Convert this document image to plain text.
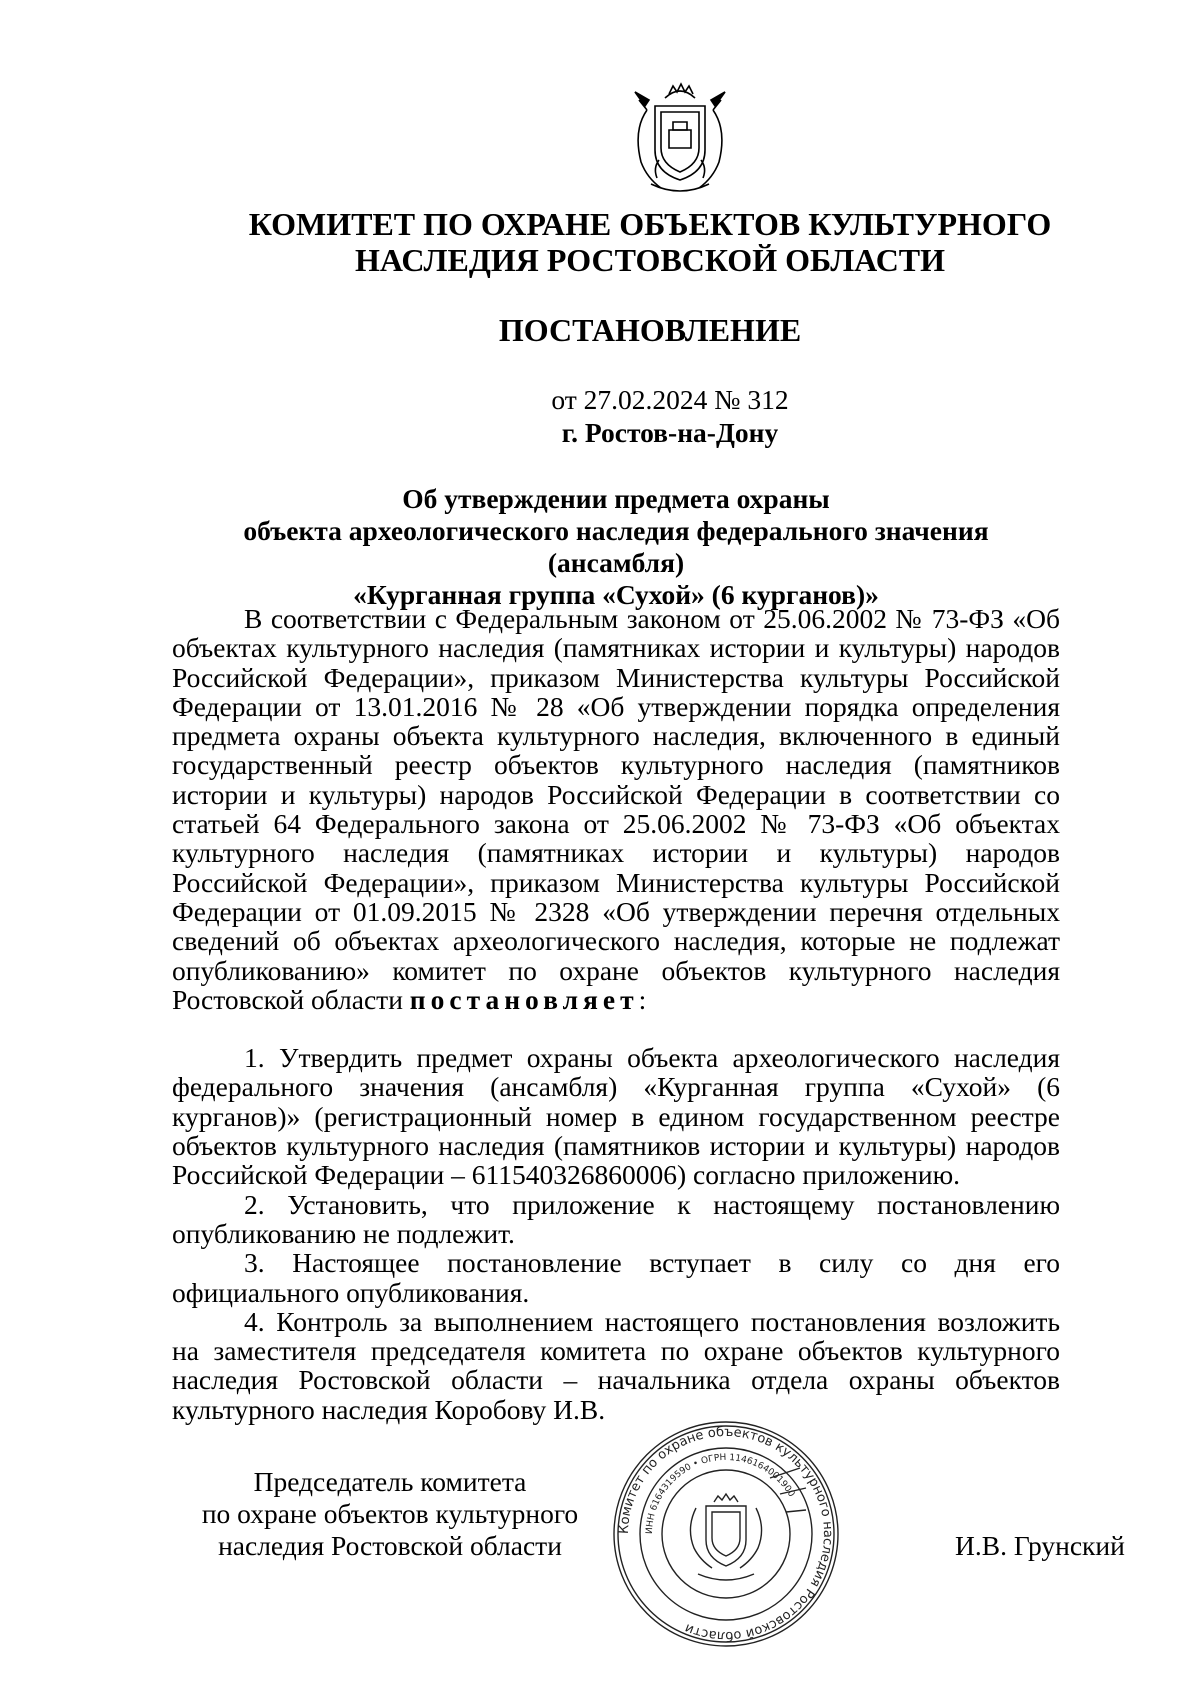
КОМИТЕТ ПО ОХРАНЕ ОБЪЕКТОВ КУЛЬТУРНОГО
НАСЛЕДИЯ РОСТОВСКОЙ ОБЛАСТИ
ПОСТАНОВЛЕНИЕ
от 27.02.2024 № 312
г. Ростов-на-Дону
Об утверждении предмета охраны
объекта археологического наследия федерального значения (ансамбля)
«Курганная группа «Сухой» (6 курганов)»

В соответствии с Федеральным законом от 25.06.2002 № 73-ФЗ «Об объектах культурного наследия (памятниках истории и культуры) народов Российской Федерации», приказом Министерства культуры Российской Федерации от 13.01.2016 № 28 «Об утверждении порядка определения предмета охраны объекта культурного наследия, включенного в единый государственный реестр объектов культурного наследия (памятников истории и культуры) народов Российской Федерации в соответствии со статьей 64 Федерального закона от 25.06.2002 № 73-ФЗ «Об объектах культурного наследия (памятниках истории и культуры) народов Российской Федерации», приказом Министерства культуры Российской Федерации от 01.09.2015 № 2328 «Об утверждении перечня отдельных сведений об объектах археологического наследия, которые не подлежат опубликованию» комитет по охране объектов культурного наследия Ростовской области постановляет:

1. Утвердить предмет охраны объекта археологического наследия федерального значения (ансамбля) «Курганная группа «Сухой» (6 курганов)» (регистрационный номер в едином государственном реестре объектов культурного наследия (памятников истории и культуры) народов Российской Федерации – 611540326860006) согласно приложению.

2. Установить, что приложение к настоящему постановлению опубликованию не подлежит.

3. Настоящее постановление вступает в силу со дня его официального опубликования.

4. Контроль за выполнением настоящего постановления возложить на заместителя председателя комитета по охране объектов культурного наследия Ростовской области – начальника отдела охраны объектов культурного наследия Коробову И.В.

Председатель комитета
по охране объектов культурного
наследия Ростовской области
Комитет по охране объектов культурного наследия Ростовской области
ИНН 6164319590 • ОГРН 1146164001900
И.В. Грунский
